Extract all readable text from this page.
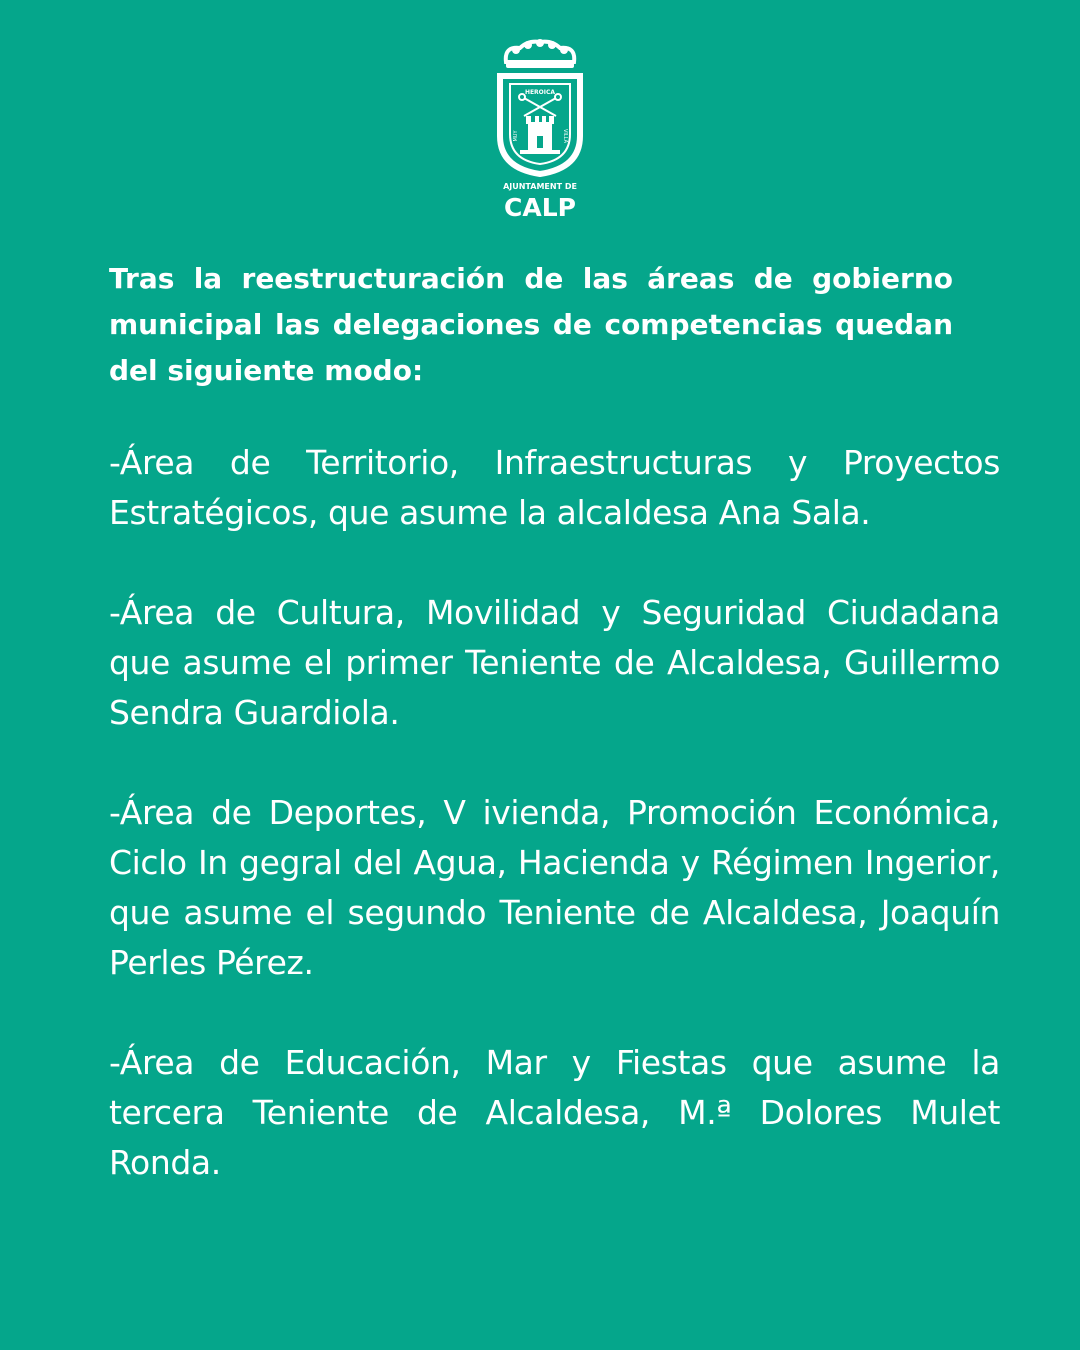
HEROICA
MUY	VILLA
AJUNTAMENT DE
CALP

Tras la reestructuración de las áreas de gobierno municipal las delegaciones de competencias quedan del siguiente modo:

-Área de Territorio, Infraestructuras y Proyectos Estratégicos, que asume la alcaldesa Ana Sala.

-Área de Cultura, Movilidad y Seguridad Ciudadana que asume el primer Teniente de Alcaldesa, Guillermo Sendra Guardiola.

-Área de Deportes, V ivienda, Promoción Económica, Ciclo In gegral del Agua, Hacienda y Régimen Ingerior, que asume el segundo Teniente de Alcaldesa, Joaquín Perles Pérez.

-Área de Educación, Mar y Fiestas que asume la tercera Teniente de Alcaldesa, M.ª Dolores Mulet Ronda.
